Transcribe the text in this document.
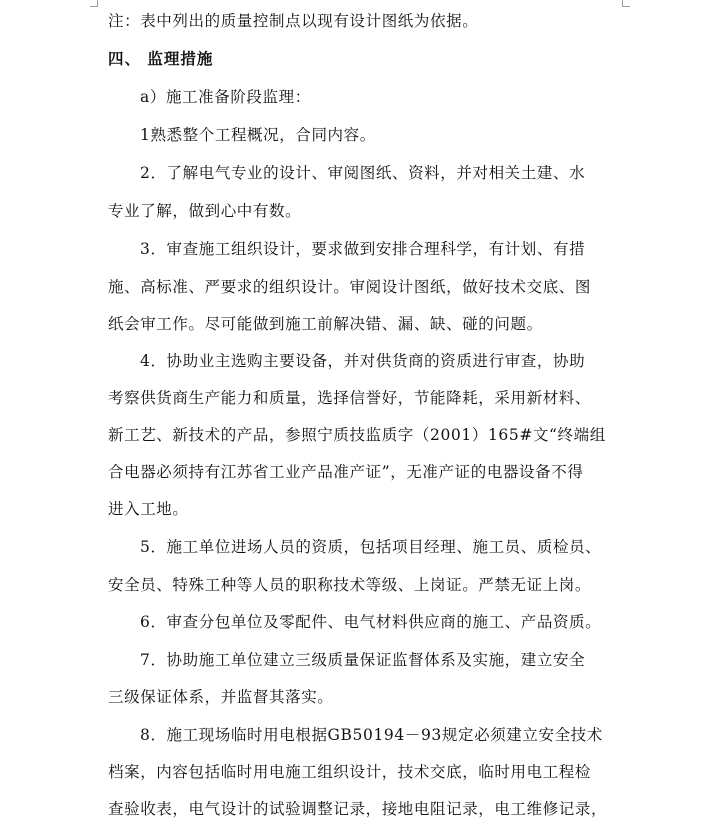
注：表中列出的质量控制点以现有设计图纸为依据。
四、 监理措施
a）施工准备阶段监理：
1熟悉整个工程概况，合同内容。
2．了解电气专业的设计、审阅图纸、资料，并对相关土建、水
专业了解，做到心中有数。
3．审查施工组织设计，要求做到安排合理科学，有计划、有措
施、高标准、严要求的组织设计。审阅设计图纸，做好技术交底、图
纸会审工作。尽可能做到施工前解决错、漏、缺、碰的问题。
4．协助业主选购主要设备，并对供货商的资质进行审查，协助
考察供货商生产能力和质量，选择信誉好，节能降耗，采用新材料、
新工艺、新技术的产品，参照宁质技监质字（2001）165#文“终端组
合电器必须持有江苏省工业产品准产证”，无准产证的电器设备不得
进入工地。
5．施工单位进场人员的资质，包括项目经理、施工员、质检员、
安全员、特殊工种等人员的职称技术等级、上岗证。严禁无证上岗。
6．审查分包单位及零配件、电气材料供应商的施工、产品资质。
7．协助施工单位建立三级质量保证监督体系及实施，建立安全
三级保证体系，并监督其落实。
8．施工现场临时用电根据GB50194－93规定必须建立安全技术
档案，内容包括临时用电施工组织设计，技术交底，临时用电工程检
查验收表，电气设计的试验调整记录，接地电阻记录，电工维修记录，
